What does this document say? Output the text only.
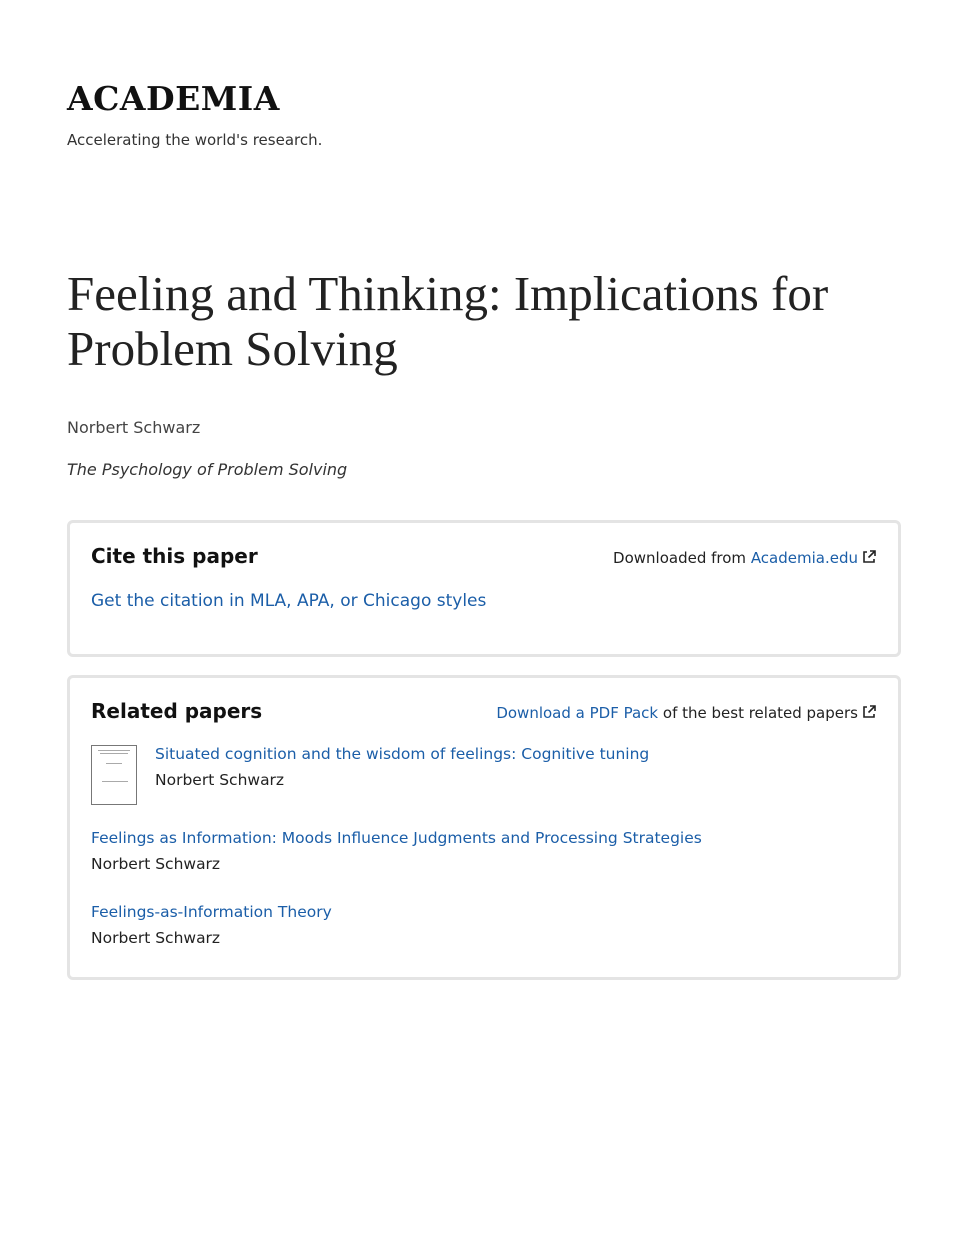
ACADEMIA
Accelerating the world's research.
Feeling and Thinking: Implications for Problem Solving
Norbert Schwarz
The Psychology of Problem Solving
Cite this paper	Downloaded from Academia.edu
Get the citation in MLA, APA, or Chicago styles
Related papers	Download a PDF Pack of the best related papers
Situated cognition and the wisdom of feelings: Cognitive tuning
Norbert Schwarz
Feelings as Information: Moods Influence Judgments and Processing Strategies
Norbert Schwarz
Feelings-as-Information Theory
Norbert Schwarz
